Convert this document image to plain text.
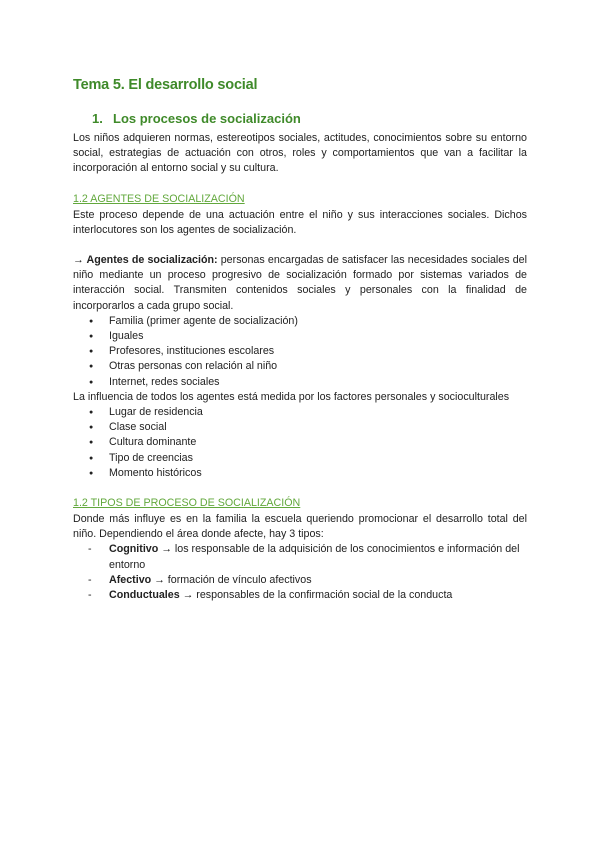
Tema 5. El desarrollo social
1. Los procesos de socialización

Los niños adquieren normas, estereotipos sociales, actitudes, conocimientos sobre su entorno social, estrategias de actuación con otros, roles y comportamientos que van a facilitar la incorporación al entorno social y su cultura.

1.2 AGENTES DE SOCIALIZACIÓN

Este proceso depende de una actuación entre el niño y sus interacciones sociales. Dichos interlocutores son los agentes de socialización.

→ Agentes de socialización: personas encargadas de satisfacer las necesidades sociales del niño mediante un proceso progresivo de socialización formado por sistemas variados de interacción social. Transmiten contenidos sociales y personales con la finalidad de incorporarlos a cada grupo social.

● Familia (primer agente de socialización)
● Iguales
● Profesores, instituciones escolares
● Otras personas con relación al niño
● Internet, redes sociales

La influencia de todos los agentes está medida por los factores personales y socioculturales

● Lugar de residencia
● Clase social
● Cultura dominante
● Tipo de creencias
● Momento históricos
1.2 TIPOS DE PROCESO DE SOCIALIZACIÓN

Donde más influye es en la familia la escuela queriendo promocionar el desarrollo total del niño. Dependiendo el área donde afecte, hay 3 tipos:

- Cognitivo → los responsable de la adquisición de los conocimientos e información del entorno
- Afectivo → formación de vínculo afectivos
- Conductuales → responsables de la confirmación social de la conducta
